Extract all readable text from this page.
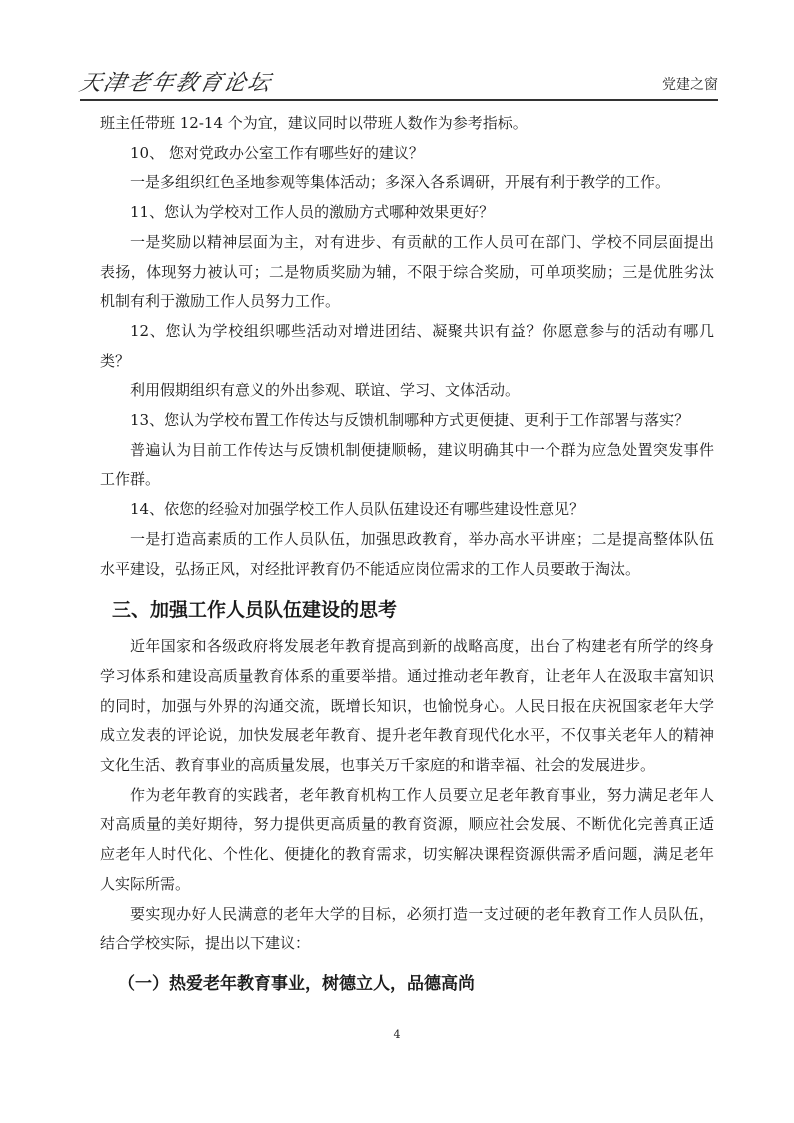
天津老年教育论坛	党建之窗

班主任带班 12-14 个为宜，建议同时以带班人数作为参考指标。

10、 您对党政办公室工作有哪些好的建议？

一是多组织红色圣地参观等集体活动；多深入各系调研，开展有利于教学的工作。

11、您认为学校对工作人员的激励方式哪种效果更好？

一是奖励以精神层面为主，对有进步、有贡献的工作人员可在部门、学校不同层面提出表扬，体现努力被认可；二是物质奖励为辅，不限于综合奖励，可单项奖励；三是优胜劣汰机制有利于激励工作人员努力工作。

12、您认为学校组织哪些活动对增进团结、凝聚共识有益？你愿意参与的活动有哪几类？

利用假期组织有意义的外出参观、联谊、学习、文体活动。

13、您认为学校布置工作传达与反馈机制哪种方式更便捷、更利于工作部署与落实？

普遍认为目前工作传达与反馈机制便捷顺畅，建议明确其中一个群为应急处置突发事件工作群。

14、依您的经验对加强学校工作人员队伍建设还有哪些建设性意见？

一是打造高素质的工作人员队伍，加强思政教育，举办高水平讲座；二是提高整体队伍水平建设，弘扬正风，对经批评教育仍不能适应岗位需求的工作人员要敢于淘汰。

三、加强工作人员队伍建设的思考

近年国家和各级政府将发展老年教育提高到新的战略高度，出台了构建老有所学的终身学习体系和建设高质量教育体系的重要举措。通过推动老年教育，让老年人在汲取丰富知识的同时，加强与外界的沟通交流，既增长知识，也愉悦身心。人民日报在庆祝国家老年大学成立发表的评论说，加快发展老年教育、提升老年教育现代化水平，不仅事关老年人的精神文化生活、教育事业的高质量发展，也事关万千家庭的和谐幸福、社会的发展进步。

作为老年教育的实践者，老年教育机构工作人员要立足老年教育事业，努力满足老年人对高质量的美好期待，努力提供更高质量的教育资源，顺应社会发展、不断优化完善真正适应老年人时代化、个性化、便捷化的教育需求，切实解决课程资源供需矛盾问题，满足老年人实际所需。

要实现办好人民满意的老年大学的目标，必须打造一支过硬的老年教育工作人员队伍，结合学校实际，提出以下建议：

（一）热爱老年教育事业，树德立人，品德高尚
4
